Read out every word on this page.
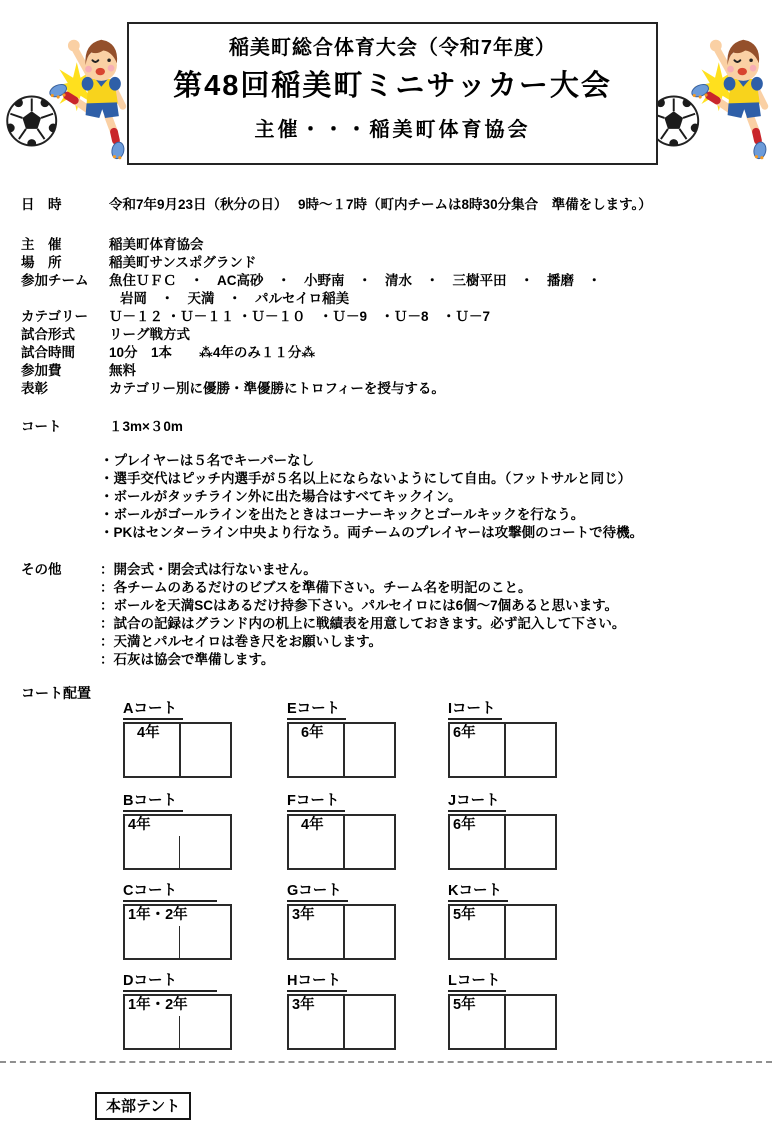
稲美町総合体育大会（令和7年度）
第48回稲美町ミニサッカー大会
主催・・・稲美町体育協会
日　時	令和7年9月23日（秋分の日）　 9時～１7時（町内チームは8時30分集合　準備をします。）
主　催	稲美町体育協会
場　所	稲美町サンスポグランド
参加チーム	魚住ＵＦＣ　・　AC高砂　・　小野南　・　清水　・　三樹平田　・　播磨　・
岩岡　・　天満　・　パルセイロ稲美
カテゴリー	Ｕ－１２ ・Ｕ－１１ ・Ｕ－１０　・Ｕ－9　・Ｕ－8　・Ｕ－7
試合形式	リーグ戦方式
試合時間	10分　1本　　⁂4年のみ１１分⁂
参加費	無料
表彰	カテゴリー別に優勝・準優勝にトロフィーを授与する。
コート	１3m×３0m
・プレイヤーは５名でキーパーなし
・選手交代はピッチ内選手が５名以上にならないようにして自由。（フットサルと同じ）
・ボールがタッチライン外に出た場合はすべてキックイン。
・ボールがゴールラインを出たときはコーナーキックとゴールキックを行なう。
・PKはセンターライン中央より行なう。両チームのプレイヤーは攻撃側のコートで待機。
その他	：開会式・閉会式は行ないません。
：各チームのあるだけのビブスを準備下さい。チーム名を明記のこと。
：ボールを天満SCはあるだけ持参下さい。パルセイロには6個～7個あると思います。
：試合の記録はグランド内の机上に戦績表を用意しておきます。必ず記入して下さい。
：天満とパルセイロは巻き尺をお願いします。
：石灰は協会で準備します。
コート配置
Aコート
4年
Eコート
6年
Iコート
6年
Bコート
4年
Fコート
4年
Jコート
6年
Cコート
1年・2年
Gコート
3年
Kコート
5年
Dコート
1年・2年
Hコート
3年
Lコート
5年
本部テント
